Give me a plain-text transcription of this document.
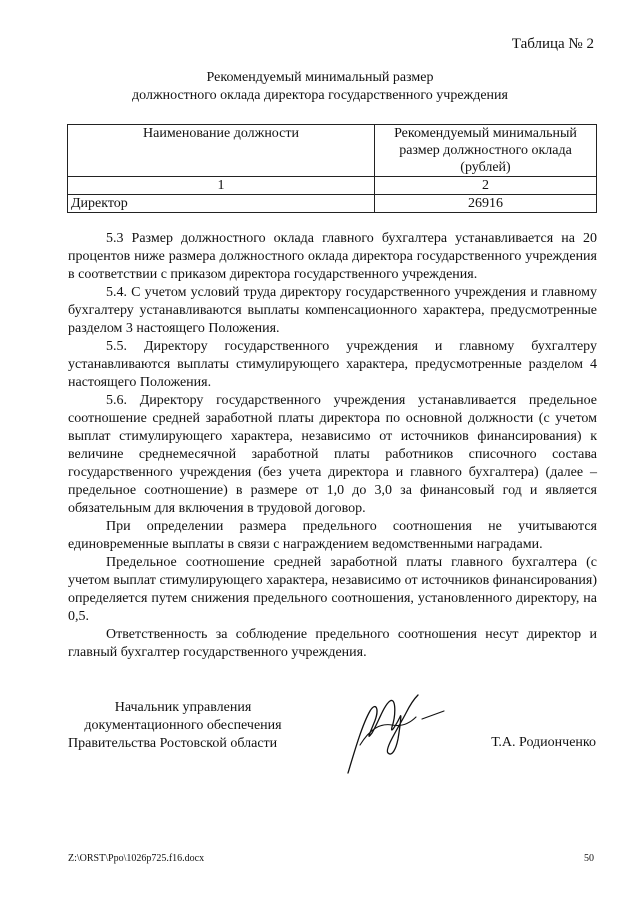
Таблица № 2
Рекомендуемый минимальный размер
должностного оклада директора государственного учреждения
Наименование должности	Рекомендуемый минимальный
размер должностного оклада
(рублей)

1	2
Директор	26916

5.3 Размер должностного оклада главного бухгалтера устанавливается на 20 процентов ниже размера должностного оклада директора государственного учреждения в соответствии с приказом директора государственного учреждения.

5.4. С учетом условий труда директору государственного учреждения и главному бухгалтеру устанавливаются выплаты компенсационного характера, предусмотренные разделом 3 настоящего Положения.

5.5. Директору государственного учреждения и главному бухгалтеру устанавливаются выплаты стимулирующего характера, предусмотренные разделом 4 настоящего Положения.

5.6. Директору государственного учреждения устанавливается предельное соотношение средней заработной платы директора по основной должности (с учетом выплат стимулирующего характера, независимо от источников финансирования) к величине среднемесячной заработной платы работников списочного состава государственного учреждения (без учета директора и главного бухгалтера) (далее – предельное соотношение) в размере от 1,0 до 3,0 за финансовый год и является обязательным для включения в трудовой договор.

При определении размера предельного соотношения не учитываются единовременные выплаты в связи с награждением ведомственными наградами.

Предельное соотношение средней заработной платы главного бухгалтера (с учетом выплат стимулирующего характера, независимо от источников финансирования) определяется путем снижения предельного соотношения, установленного директору, на 0,5.

Ответственность за соблюдение предельного соотношения несут директор и главный бухгалтер государственного учреждения.

Начальник управления
документационного обеспечения
Правительства Ростовской области	Т.А. Родионченко
Z:\ORST\Ppo\1026p725.f16.docx	50
